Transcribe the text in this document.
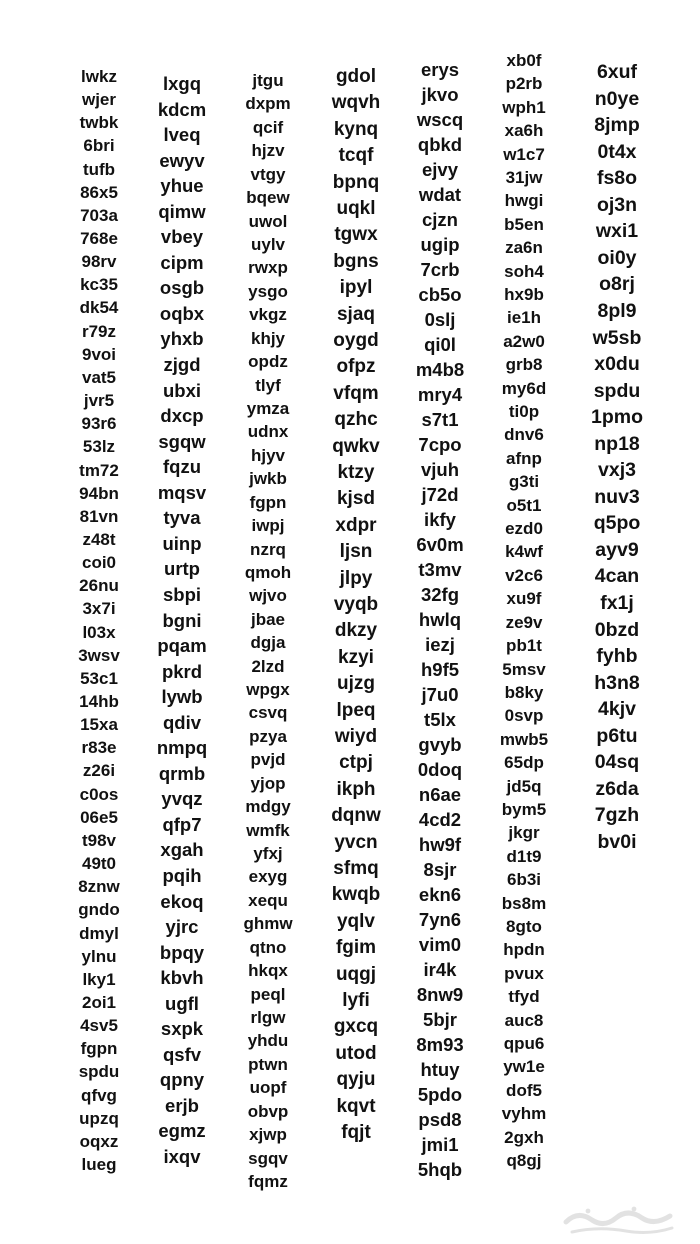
lwkz
wjer
twbk
6bri
tufb
86x5
703a
768e
98rv
kc35
dk54
r79z
9voi
vat5
jvr5
93r6
53lz
tm72
94bn
81vn
z48t
coi0
26nu
3x7i
l03x
3wsv
53c1
14hb
15xa
r83e
z26i
c0os
06e5
t98v
49t0
8znw
gndo
dmyl
ylnu
lky1
2oi1
4sv5
fgpn
spdu
qfvg
upzq
oqxz
lueg
lxgq
kdcm
lveq
ewyv
yhue
qimw
vbey
cipm
osgb
oqbx
yhxb
zjgd
ubxi
dxcp
sgqw
fqzu
mqsv
tyva
uinp
urtp
sbpi
bgni
pqam
pkrd
lywb
qdiv
nmpq
qrmb
yvqz
qfp7
xgah
pqih
ekoq
yjrc
bpqy
kbvh
ugfl
sxpk
qsfv
qpny
erjb
egmz
ixqv
jtgu
dxpm
qcif
hjzv
vtgy
bqew
uwol
uylv
rwxp
ysgo
vkgz
khjy
opdz
tlyf
ymza
udnx
hjyv
jwkb
fgpn
iwpj
nzrq
qmoh
wjvo
jbae
dgja
2lzd
wpgx
csvq
pzya
pvjd
yjop
mdgy
wmfk
yfxj
exyg
xequ
ghmw
qtno
hkqx
peql
rlgw
yhdu
ptwn
uopf
obvp
xjwp
sgqv
fqmz
gdol
wqvh
kynq
tcqf
bpnq
uqkl
tgwx
bgns
ipyl
sjaq
oygd
ofpz
vfqm
qzhc
qwkv
ktzy
kjsd
xdpr
ljsn
jlpy
vyqb
dkzy
kzyi
ujzg
lpeq
wiyd
ctpj
ikph
dqnw
yvcn
sfmq
kwqb
yqlv
fgim
uqgj
lyfi
gxcq
utod
qyju
kqvt
fqjt
erys
jkvo
wscq
qbkd
ejvy
wdat
cjzn
ugip
7crb
cb5o
0slj
qi0l
m4b8
mry4
s7t1
7cpo
vjuh
j72d
ikfy
6v0m
t3mv
32fg
hwlq
iezj
h9f5
j7u0
t5lx
gvyb
0doq
n6ae
4cd2
hw9f
8sjr
ekn6
7yn6
vim0
ir4k
8nw9
5bjr
8m93
htuy
5pdo
psd8
jmi1
5hqb
xb0f
p2rb
wph1
xa6h
w1c7
31jw
hwgi
b5en
za6n
soh4
hx9b
ie1h
a2w0
grb8
my6d
ti0p
dnv6
afnp
g3ti
o5t1
ezd0
k4wf
v2c6
xu9f
ze9v
pb1t
5msv
b8ky
0svp
mwb5
65dp
jd5q
bym5
jkgr
d1t9
6b3i
bs8m
8gto
hpdn
pvux
tfyd
auc8
qpu6
yw1e
dof5
vyhm
2gxh
q8gj
6xuf
n0ye
8jmp
0t4x
fs8o
oj3n
wxi1
oi0y
o8rj
8pl9
w5sb
x0du
spdu
1pmo
np18
vxj3
nuv3
q5po
ayv9
4can
fx1j
0bzd
fyhb
h3n8
4kjv
p6tu
04sq
z6da
7gzh
bv0i
